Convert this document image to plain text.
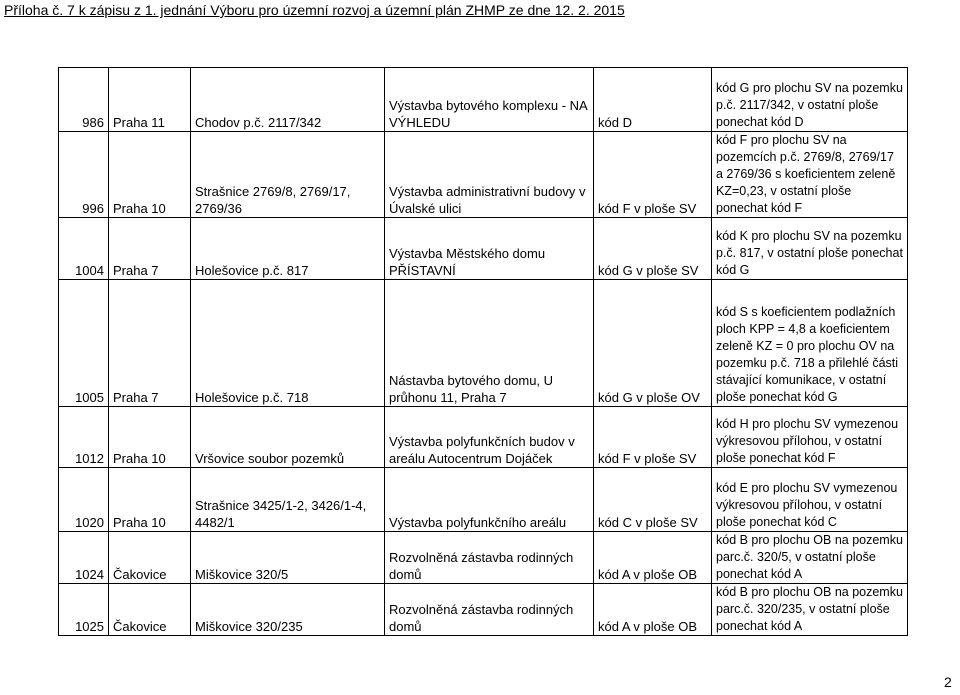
Příloha č. 7 k zápisu z 1. jednání Výboru pro územní rozvoj a územní plán ZHMP ze dne 12. 2. 2015
986	Praha 11	Chodov p.č. 2117/342	Výstavba bytového komplexu - NA VÝHLEDU	kód D	kód G pro plochu SV na pozemku p.č. 2117/342, v ostatní ploše ponechat kód D
996	Praha 10	Strašnice 2769/8, 2769/17, 2769/36	Výstavba administrativní budovy v Úvalské ulici	kód F v ploše SV	kód F pro plochu SV na pozemcích p.č. 2769/8, 2769/17 a 2769/36 s koeficientem zeleně KZ=0,23, v ostatní ploše ponechat kód F
1004	Praha 7	Holešovice p.č. 817	Výstavba Městského domu PŘÍSTAVNÍ	kód G v ploše SV	kód K pro plochu SV na pozemku p.č. 817, v ostatní ploše ponechat kód G
1005	Praha 7	Holešovice p.č. 718	Nástavba bytového domu, U průhonu 11, Praha 7	kód G v ploše OV	kód S s koeficientem podlažních ploch KPP = 4,8 a koeficientem zeleně KZ = 0 pro plochu OV na pozemku p.č. 718 a přilehlé části stávající komunikace, v ostatní ploše ponechat kód G
1012	Praha 10	Vršovice soubor pozemků	Výstavba polyfunkčních budov v areálu Autocentrum Dojáček	kód F v ploše SV	kód H pro plochu SV vymezenou výkresovou přílohou, v ostatní ploše ponechat kód F
1020	Praha 10	Strašnice 3425/1-2, 3426/1-4, 4482/1	Výstavba polyfunkčního areálu	kód C v ploše SV	kód E pro plochu SV vymezenou výkresovou přílohou, v ostatní ploše ponechat kód C
1024	Čakovice	Miškovice 320/5	Rozvolněná zástavba rodinných domů	kód A v ploše OB	kód B pro plochu OB na pozemku parc.č. 320/5, v ostatní ploše ponechat kód A
1025	Čakovice	Miškovice 320/235	Rozvolněná zástavba rodinných domů	kód A v ploše OB	kód B pro plochu OB na pozemku parc.č. 320/235, v ostatní ploše ponechat kód A
2
